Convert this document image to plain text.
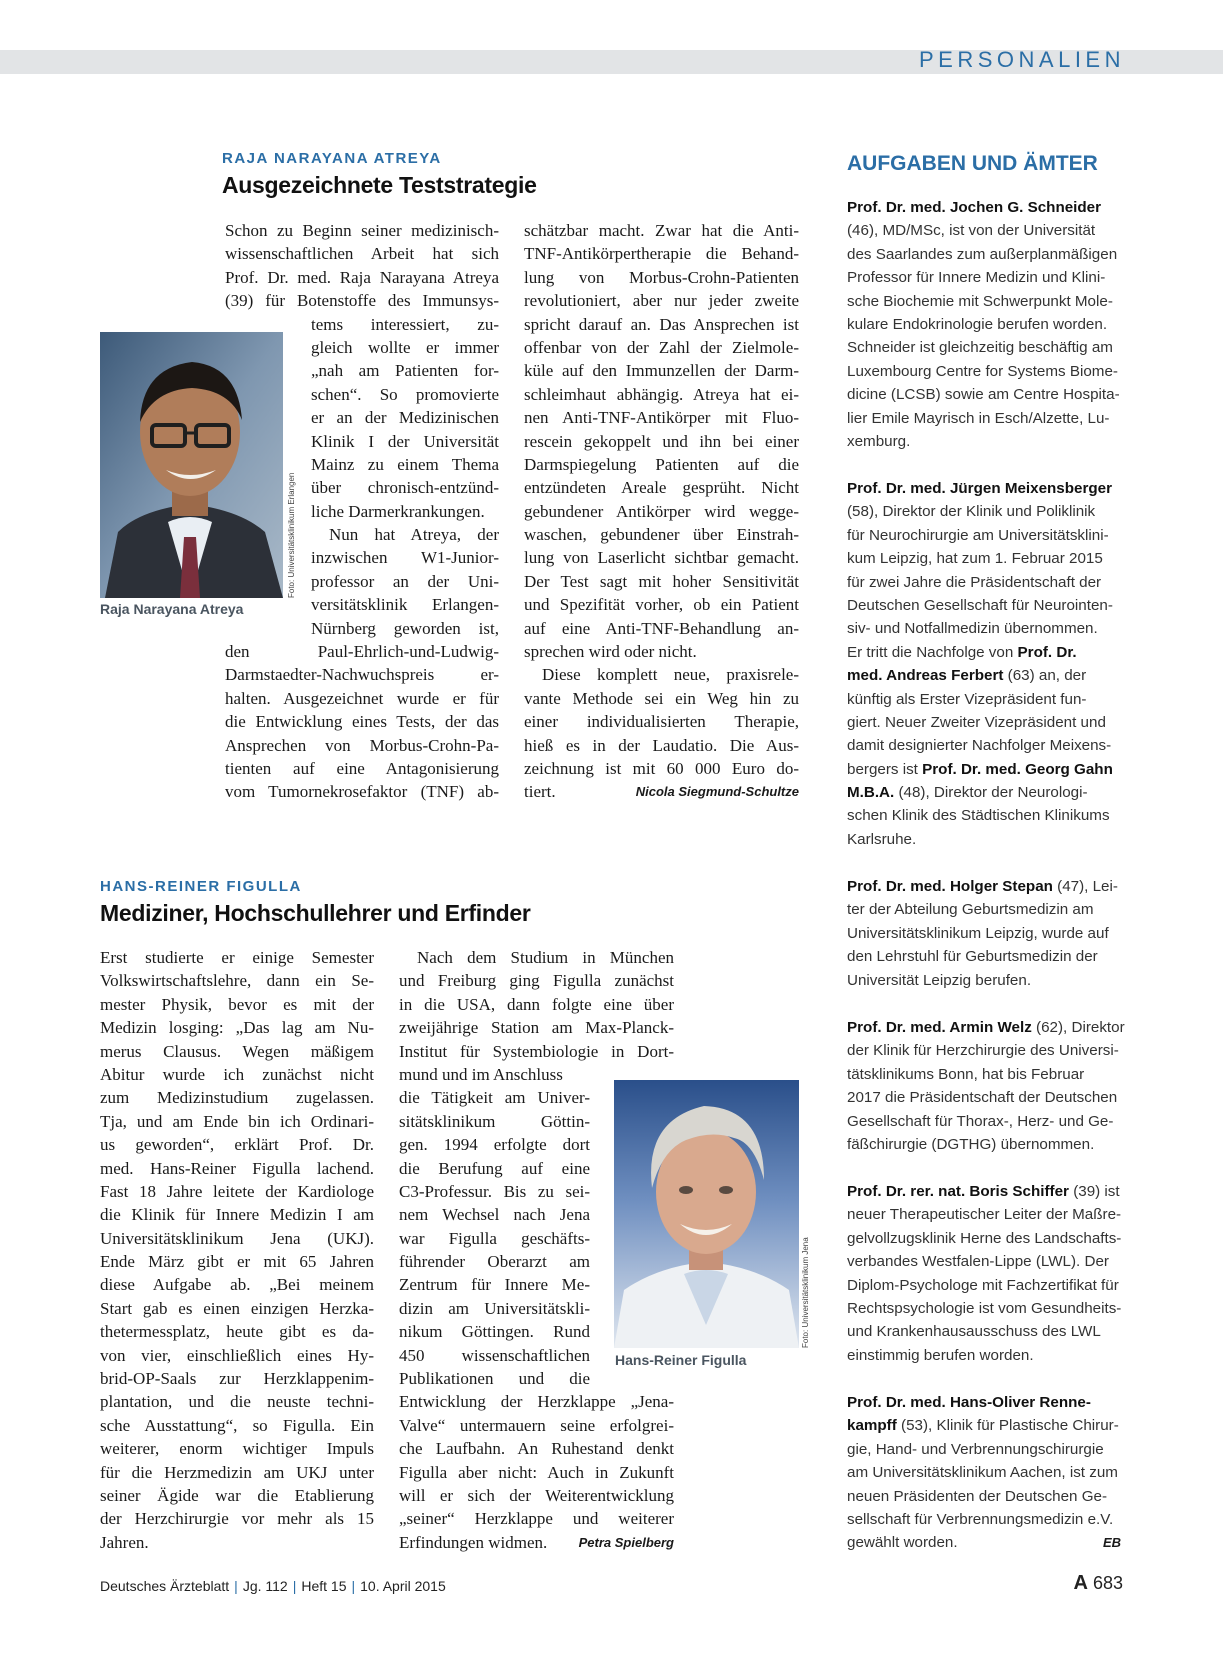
PERSONALIEN
RAJA NARAYANA ATREYA
Ausgezeichnete Teststrategie
Foto: Universitätsklinikum Erlangen
Raja Narayana Atreya
Schon zu Beginn seiner medizinisch-
wissenschaftlichen Arbeit hat sich
Prof. Dr. med. Raja Narayana Atreya
(39) für Botenstoffe des Immunsys-
tems interessiert, zu-
gleich wollte er immer
„nah am Patienten for-
schen“. So promovierte
er an der Medizinischen
Klinik I der Universität
Mainz zu einem Thema
über chronisch-entzünd-
liche Darmerkrankungen.
Nun hat Atreya, der
inzwischen W1-Junior-
professor an der Uni-
versitätsklinik Erlangen-
Nürnberg geworden ist,
den Paul-Ehrlich-und-Ludwig-
Darmstaedter-Nachwuchspreis er-
halten. Ausgezeichnet wurde er für
die Entwicklung eines Tests, der das
Ansprechen von Morbus-Crohn-Pa-
tienten auf eine Antagonisierung
vom Tumornekrosefaktor (TNF) ab-
schätzbar macht. Zwar hat die Anti-
TNF-Antikörpertherapie die Behand-
lung von Morbus-Crohn-Patienten
revolutioniert, aber nur jeder zweite
spricht darauf an. Das Ansprechen ist
offenbar von der Zahl der Zielmole-
küle auf den Immunzellen der Darm-
schleimhaut abhängig. Atreya hat ei-
nen Anti-TNF-Antikörper mit Fluo-
rescein gekoppelt und ihn bei einer
Darmspiegelung Patienten auf die
entzündeten Areale gesprüht. Nicht
gebundener Antikörper wird wegge-
waschen, gebundener über Einstrah-
lung von Laserlicht sichtbar gemacht.
Der Test sagt mit hoher Sensitivität
und Spezifität vorher, ob ein Patient
auf eine Anti-TNF-Behandlung an-
sprechen wird oder nicht.
Diese komplett neue, praxisrele-
vante Methode sei ein Weg hin zu
einer individualisierten Therapie,
hieß es in der Laudatio. Die Aus-
zeichnung ist mit 60 000 Euro do-
tiert.	Nicola Siegmund-Schultze
HANS-REINER FIGULLA
Mediziner, Hochschullehrer und Erfinder
Erst studierte er einige Semester
Volkswirtschaftslehre, dann ein Se-
mester Physik, bevor es mit der
Medizin losging: „Das lag am Nu-
merus Clausus. Wegen mäßigem
Abitur wurde ich zunächst nicht
zum Medizinstudium zugelassen.
Tja, und am Ende bin ich Ordinari-
us geworden“, erklärt Prof. Dr.
med. Hans-Reiner Figulla lachend.
Fast 18 Jahre leitete der Kardiologe
die Klinik für Innere Medizin I am
Universitätsklinikum Jena (UKJ).
Ende März gibt er mit 65 Jahren
diese Aufgabe ab. „Bei meinem
Start gab es einen einzigen Herzka-
thetermessplatz, heute gibt es da-
von vier, einschließlich eines Hy-
brid-OP-Saals zur Herzklappenim-
plantation, und die neuste techni-
sche Ausstattung“, so Figulla. Ein
weiterer, enorm wichtiger Impuls
für die Herzmedizin am UKJ unter
seiner Ägide war die Etablierung
der Herzchirurgie vor mehr als 15
Jahren.
Foto: Universitätsklinikum Jena
Hans-Reiner Figulla
Nach dem Studium in München
und Freiburg ging Figulla zunächst
in die USA, dann folgte eine über
zweijährige Station am Max-Planck-
Institut für Systembiologie in Dort-
mund und im Anschluss
die Tätigkeit am Univer-
sitätsklinikum Göttin-
gen. 1994 erfolgte dort
die Berufung auf eine
C3-Professur. Bis zu sei-
nem Wechsel nach Jena
war Figulla geschäfts-
führender Oberarzt am
Zentrum für Innere Me-
dizin am Universitätskli-
nikum Göttingen. Rund
450 wissenschaftlichen
Publikationen und die
Entwicklung der Herzklappe „Jena-
Valve“ untermauern seine erfolgrei-
che Laufbahn. An Ruhestand denkt
Figulla aber nicht: Auch in Zukunft
will er sich der Weiterentwicklung
„seiner“ Herzklappe und weiterer
Erfindungen widmen. Petra Spielberg
AUFGABEN UND ÄMTER
Prof. Dr. med. Jochen G. Schneider
(46), MD/MSc, ist von der Universität
des Saarlandes zum außerplanmäßigen
Professor für Innere Medizin und Klini-
sche Biochemie mit Schwerpunkt Mole-
kulare Endokrinologie berufen worden.
Schneider ist gleichzeitig beschäftig am
Luxembourg Centre for Systems Biome-
dicine (LCSB) sowie am Centre Hospita-
lier Emile Mayrisch in Esch/Alzette, Lu-
xemburg.
Prof. Dr. med. Jürgen Meixensberger
(58), Direktor der Klinik und Poliklinik
für Neurochirurgie am Universitätsklini-
kum Leipzig, hat zum 1. Februar 2015
für zwei Jahre die Präsidentschaft der
Deutschen Gesellschaft für Neurointen-
siv- und Notfallmedizin übernommen.
Er tritt die Nachfolge von Prof. Dr.
med. Andreas Ferbert (63) an, der
künftig als Erster Vizepräsident fun-
giert. Neuer Zweiter Vizepräsident und
damit designierter Nachfolger Meixens-
bergers ist Prof. Dr. med. Georg Gahn
M.B.A. (48), Direktor der Neurologi-
schen Klinik des Städtischen Klinikums
Karlsruhe.
Prof. Dr. med. Holger Stepan (47), Lei-
ter der Abteilung Geburtsmedizin am
Universitätsklinikum Leipzig, wurde auf
den Lehrstuhl für Geburtsmedizin der
Universität Leipzig berufen.
Prof. Dr. med. Armin Welz (62), Direktor
der Klinik für Herzchirurgie des Universi-
tätsklinikums Bonn, hat bis Februar
2017 die Präsidentschaft der Deutschen
Gesellschaft für Thorax-, Herz- und Ge-
fäßchirurgie (DGTHG) übernommen.
Prof. Dr. rer. nat. Boris Schiffer (39) ist
neuer Therapeutischer Leiter der Maßre-
gelvollzugsklinik Herne des Landschafts-
verbandes Westfalen-Lippe (LWL). Der
Diplom-Psychologe mit Fachzertifikat für
Rechtspsychologie ist vom Gesundheits-
und Krankenhausausschuss des LWL
einstimmig berufen worden.
Prof. Dr. med. Hans-Oliver Renne-
kampff (53), Klinik für Plastische Chirur-
gie, Hand- und Verbrennungschirurgie
am Universitätsklinikum Aachen, ist zum
neuen Präsidenten der Deutschen Ge-
sellschaft für Verbrennungsmedizin e.V.
gewählt worden.	EB
Deutsches Ärzteblatt | Jg. 112 | Heft 15 | 10. April 2015	A 683
